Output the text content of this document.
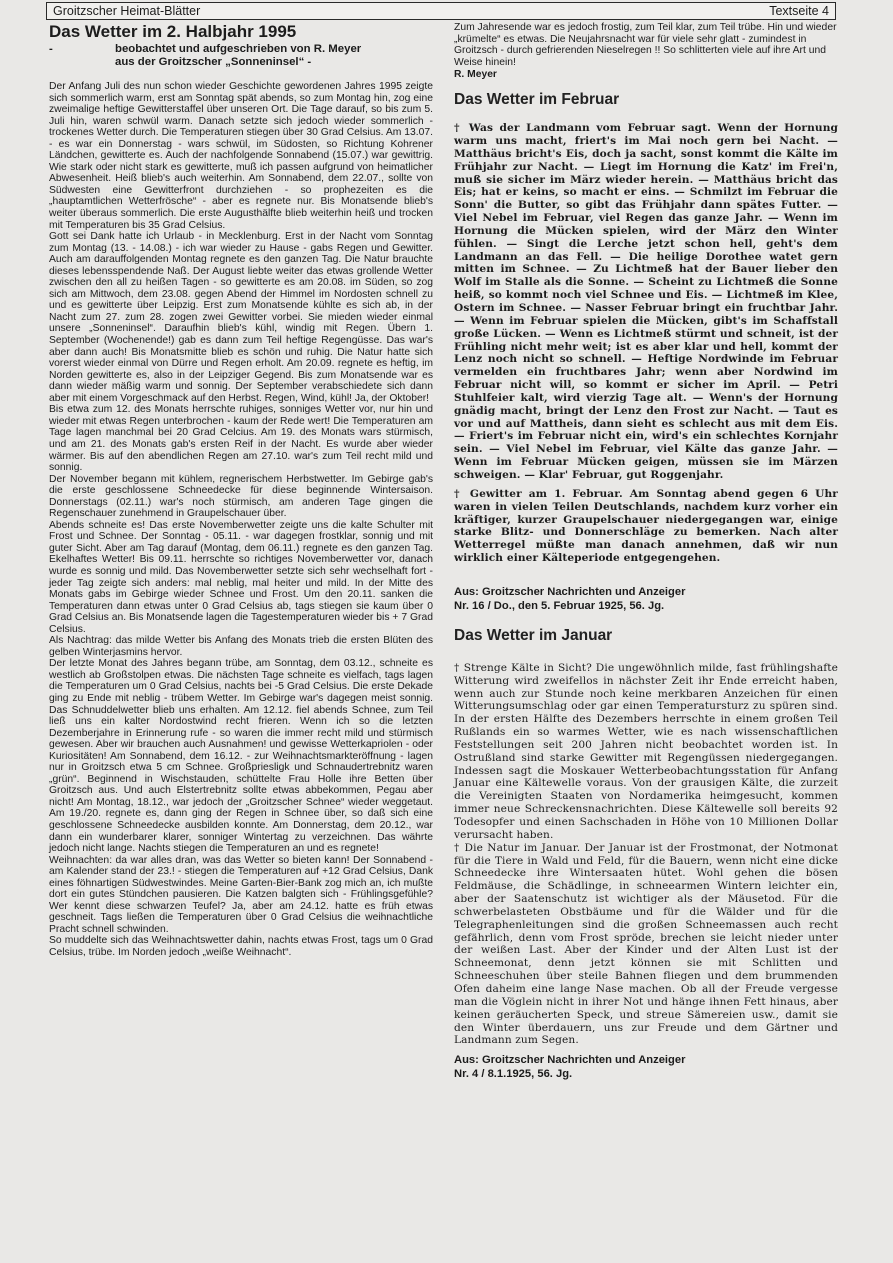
Groitzscher Heimat-Blätter	Textseite 4
Das Wetter im 2. Halbjahr 1995
-	beobachtet und aufgeschrieben von R. Meyer
aus der Groitzscher „Sonneninsel“ -

Der Anfang Juli des nun schon wieder Geschichte gewordenen Jahres 1995 zeigte sich sommerlich warm, erst am Sonntag spät abends, so zum Montag hin, zog eine zweimalige heftige Gewitterstaffel über unseren Ort. Die Tage darauf, so bis zum 5. Juli hin, waren schwül warm. Danach setzte sich jedoch wieder sommerlich - trockenes Wetter durch. Die Temperaturen stiegen über 30 Grad Celsius. Am 13.07. - es war ein Donnerstag - wars schwül, im Südosten, so Richtung Kohrener Ländchen, gewitterte es. Auch der nachfolgende Sonnabend (15.07.) war gewittrig. Wie stark oder nicht stark es gewitterte, muß ich passen aufgrund von heimatlicher Abwesenheit. Heiß blieb's auch weiterhin. Am Sonnabend, dem 22.07., sollte von Südwesten eine Gewitterfront durchziehen - so prophezeiten es die „hauptamtlichen Wetterfrösche“ - aber es regnete nur. Bis Monatsende blieb's weiter überaus sommerlich. Die erste Augusthälfte blieb weiterhin heiß und trocken mit Temperaturen bis 35 Grad Celsius.

Gott sei Dank hatte ich Urlaub - in Mecklenburg. Erst in der Nacht vom Sonntag zum Montag (13. - 14.08.) - ich war wieder zu Hause - gabs Regen und Gewitter. Auch am darauffolgenden Montag regnete es den ganzen Tag. Die Natur brauchte dieses lebensspendende Naß. Der August liebte weiter das etwas grollende Wetter zwischen den all zu heißen Tagen - so gewitterte es am 20.08. im Süden, so zog sich am Mittwoch, dem 23.08. gegen Abend der Himmel im Nordosten schnell zu und es gewitterte über Leipzig. Erst zum Monatsende kühlte es sich ab, in der Nacht zum 27. zum 28. zogen zwei Gewitter vorbei. Sie mieden wieder einmal unsere „Sonneninsel“. Daraufhin blieb's kühl, windig mit Regen. Übern 1. September (Wochenende!) gab es dann zum Teil heftige Regengüsse. Das war's aber dann auch! Bis Monatsmitte blieb es schön und ruhig. Die Natur hatte sich vorerst wieder einmal von Dürre und Regen erholt. Am 20.09. regnete es heftig, im Norden gewitterte es, also in der Leipziger Gegend. Bis zum Monatsende war es dann wieder mäßig warm und sonnig. Der September verabschiedete sich dann aber mit einem Vorgeschmack auf den Herbst. Regen, Wind, kühl! Ja, der Oktober!

Bis etwa zum 12. des Monats herrschte ruhiges, sonniges Wetter vor, nur hin und wieder mit etwas Regen unterbrochen - kaum der Rede wert! Die Temperaturen am Tage lagen manchmal bei 20 Grad Celcius. Am 19. des Monats wars stürmisch, und am 21. des Monats gab's ersten Reif in der Nacht. Es wurde aber wieder wärmer. Bis auf den abendlichen Regen am 27.10. war's zum Teil recht mild und sonnig.

Der November begann mit kühlem, regnerischem Herbstwetter. Im Gebirge gab's die erste geschlossene Schneedecke für diese beginnende Wintersaison. Donnerstags (02.11.) war's noch stürmisch, am anderen Tage gingen die Regenschauer zunehmend in Graupelschauer über.

Abends schneite es! Das erste Novemberwetter zeigte uns die kalte Schulter mit Frost und Schnee. Der Sonntag - 05.11. - war dagegen frostklar, sonnig und mit guter Sicht. Aber am Tag darauf (Montag, dem 06.11.) regnete es den ganzen Tag. Ekelhaftes Wetter! Bis 09.11. herrschte so richtiges Novemberwetter vor, danach wurde es sonnig und mild. Das Novemberwetter setzte sich sehr wechselhaft fort - jeder Tag zeigte sich anders: mal neblig, mal heiter und mild. In der Mitte des Monats gabs im Gebirge wieder Schnee und Frost. Um den 20.11. sanken die Temperaturen dann etwas unter 0 Grad Celsius ab, tags stiegen sie kaum über 0 Grad Celsius an. Bis Monatsende lagen die Tagestemperaturen wieder bis + 7 Grad Celsius.

Als Nachtrag: das milde Wetter bis Anfang des Monats trieb die ersten Blüten des gelben Winterjasmins hervor.

Der letzte Monat des Jahres begann trübe, am Sonntag, dem 03.12., schneite es westlich ab Großstolpen etwas. Die nächsten Tage schneite es vielfach, tags lagen die Temperaturen um 0 Grad Celsius, nachts bei -5 Grad Celsius. Die erste Dekade ging zu Ende mit neblig - trübem Wetter. Im Gebirge war's dagegen meist sonnig. Das Schnuddelwetter blieb uns erhalten. Am 12.12. fiel abends Schnee, zum Teil ließ uns ein kalter Nordostwind recht frieren. Wenn ich so die letzten Dezemberjahre in Erinnerung rufe - so waren die immer recht mild und stürmisch gewesen. Aber wir brauchen auch Ausnahmen! und gewisse Wetterkapriolen - oder Kuriositäten! Am Sonnabend, dem 16.12. - zur Weihnachtsmarkteröffnung - lagen nur in Groitzsch etwa 5 cm Schnee. Großpriesligk und Schnaudertrebnitz waren „grün“. Beginnend in Wischstauden, schüttelte Frau Holle ihre Betten über Groitzsch aus. Und auch Elstertrebnitz sollte etwas abbekommen, Pegau aber nicht! Am Montag, 18.12., war jedoch der „Groitzscher Schnee“ wieder weggetaut. Am 19./20. regnete es, dann ging der Regen in Schnee über, so daß sich eine geschlossene Schneedecke ausbilden konnte. Am Donnerstag, dem 20.12., war dann ein wunderbarer klarer, sonniger Wintertag zu verzeichnen. Das währte jedoch nicht lange. Nachts stiegen die Temperaturen an und es regnete!

Weihnachten: da war alles dran, was das Wetter so bieten kann! Der Sonnabend - am Kalender stand der 23.! - stiegen die Temperaturen auf +12 Grad Celsius, Dank eines föhnartigen Südwestwindes. Meine Garten-Bier-Bank zog mich an, ich mußte dort ein gutes Stündchen pausieren. Die Katzen balgten sich - Frühlingsgefühle? Wer kennt diese schwarzen Teufel? Ja, aber am 24.12. hatte es früh etwas geschneit. Tags ließen die Temperaturen über 0 Grad Celsius die weihnachtliche Pracht schnell schwinden.

So muddelte sich das Weihnachtswetter dahin, nachts etwas Frost, tags um 0 Grad Celsius, trübe. Im Norden jedoch „weiße Weihnacht“.

Zum Jahresende war es jedoch frostig, zum Teil klar, zum Teil trübe. Hin und wieder „krümelte“ es etwas. Die Neujahrsnacht war für viele sehr glatt - zumindest in Groitzsch - durch gefrierenden Nieselregen !! So schlitterten viele auf ihre Art und Weise hinein!

R. Meyer
Das Wetter im Februar

† Was der Landmann vom Februar sagt. Wenn der Hornung warm uns macht, friert's im Mai noch gern bei Nacht. — Matthäus bricht's Eis, doch ja sacht, sonst kommt die Kälte im Frühjahr zur Nacht. — Liegt im Hornung die Katz' im Frei'n, muß sie sicher im März wieder herein. — Matthäus bricht das Eis; hat er keins, so macht er eins. — Schmilzt im Februar die Sonn' die Butter, so gibt das Frühjahr dann spätes Futter. — Viel Nebel im Februar, viel Regen das ganze Jahr. — Wenn im Hornung die Mücken spielen, wird der März den Winter fühlen. — Singt die Lerche jetzt schon hell, geht's dem Landmann an das Fell. — Die heilige Dorothee watet gern mitten im Schnee. — Zu Lichtmeß hat der Bauer lieber den Wolf im Stalle als die Sonne. — Scheint zu Lichtmeß die Sonne heiß, so kommt noch viel Schnee und Eis. — Lichtmeß im Klee, Ostern im Schnee. — Nasser Februar bringt ein fruchtbar Jahr. — Wenn im Februar spielen die Mücken, gibt's im Schaffstall große Lücken. — Wenn es Lichtmeß stürmt und schneit, ist der Frühling nicht mehr weit; ist es aber klar und hell, kommt der Lenz noch nicht so schnell. — Heftige Nordwinde im Februar vermelden ein fruchtbares Jahr; wenn aber Nordwind im Februar nicht will, so kommt er sicher im April. — Petri Stuhlfeier kalt, wird vierzig Tage alt. — Wenn's der Hornung gnädig macht, bringt der Lenz den Frost zur Nacht. — Taut es vor und auf Mattheis, dann sieht es schlecht aus mit dem Eis. — Friert's im Februar nicht ein, wird's ein schlechtes Kornjahr sein. — Viel Nebel im Februar, viel Kälte das ganze Jahr. — Wenn im Februar Mücken geigen, müssen sie im Märzen schweigen. — Klar' Februar, gut Roggenjahr.

† Gewitter am 1. Februar. Am Sonntag abend gegen 6 Uhr waren in vielen Teilen Deutschlands, nachdem kurz vorher ein kräftiger, kurzer Graupelschauer niedergegangen war, einige starke Blitz- und Donnerschläge zu bemerken. Nach alter Wetterregel müßte man danach annehmen, daß wir nun wirklich einer Kälteperiode entgegengehen.

Aus: Groitzscher Nachrichten und Anzeiger
Nr. 16 / Do., den 5. Februar 1925, 56. Jg.
Das Wetter im Januar

† Strenge Kälte in Sicht? Die ungewöhnlich milde, fast frühlingshafte Witterung wird zweifellos in nächster Zeit ihr Ende erreicht haben, wenn auch zur Stunde noch keine merkbaren Anzeichen für einen Witterungsumschlag oder gar einen Temperatursturz zu spüren sind. In der ersten Hälfte des Dezembers herrschte in einem großen Teil Rußlands ein so warmes Wetter, wie es nach wissenschaftlichen Feststellungen seit 200 Jahren nicht beobachtet worden ist. In Ostrußland sind starke Gewitter mit Regengüssen niedergegangen. Indessen sagt die Moskauer Wetterbeobachtungsstation für Anfang Januar eine Kältewelle voraus. Von der grausigen Kälte, die zurzeit die Vereinigten Staaten von Nordamerika heimgesucht, kommen immer neue Schreckensnachrichten. Diese Kältewelle soll bereits 92 Todesopfer und einen Sachschaden in Höhe von 10 Millionen Dollar verursacht haben.

† Die Natur im Januar. Der Januar ist der Frostmonat, der Notmonat für die Tiere in Wald und Feld, für die Bauern, wenn nicht eine dicke Schneedecke ihre Wintersaaten hütet. Wohl gehen die bösen Feldmäuse, die Schädlinge, in schneearmen Wintern leichter ein, aber der Saatenschutz ist wichtiger als der Mäusetod. Für die schwerbelasteten Obstbäume und für die Wälder und für die Telegraphenleitungen sind die großen Schneemassen auch recht gefährlich, denn vom Frost spröde, brechen sie leicht nieder unter der weißen Last. Aber der Kinder und der Alten Lust ist der Schneemonat, denn jetzt können sie mit Schlitten und Schneeschuhen über steile Bahnen fliegen und dem brummenden Ofen daheim eine lange Nase machen. Ob all der Freude vergesse man die Vöglein nicht in ihrer Not und hänge ihnen Fett hinaus, aber keinen geräucherten Speck, und streue Sämereien usw., damit sie den Winter überdauern, uns zur Freude und dem Gärtner und Landmann zum Segen.

Aus: Groitzscher Nachrichten und Anzeiger
Nr. 4 / 8.1.1925, 56. Jg.
